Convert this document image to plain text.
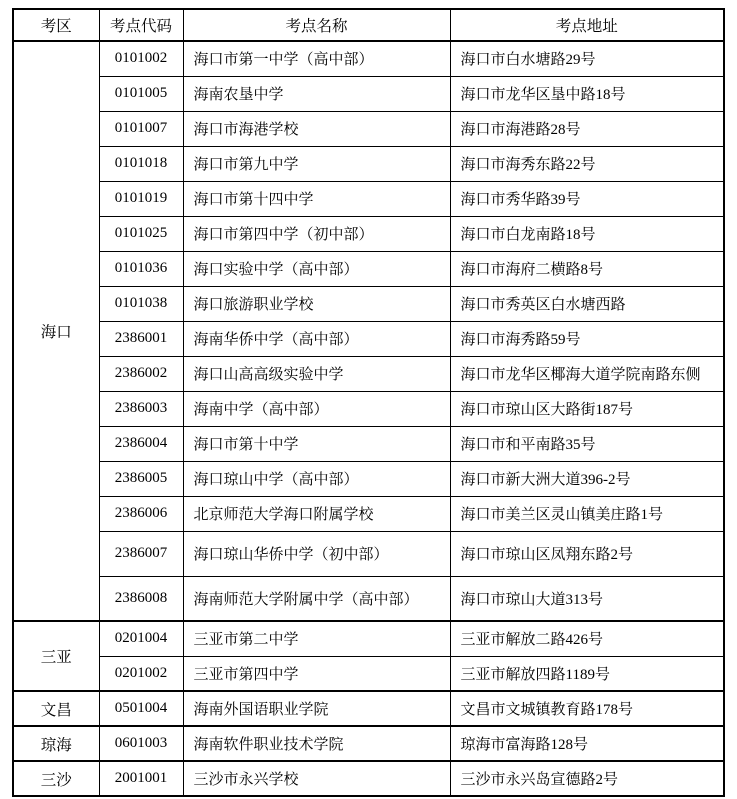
考区	考点代码	考点名称	考点地址
海口	0101002	海口市第一中学（高中部）	海口市白水塘路29号
	0101005	海南农垦中学	海口市龙华区垦中路18号
	0101007	海口市海港学校	海口市海港路28号
	0101018	海口市第九中学	海口市海秀东路22号
	0101019	海口市第十四中学	海口市秀华路39号
	0101025	海口市第四中学（初中部）	海口市白龙南路18号
	0101036	海口实验中学（高中部）	海口市海府二横路8号
	0101038	海口旅游职业学校	海口市秀英区白水塘西路
	2386001	海南华侨中学（高中部）	海口市海秀路59号
	2386002	海口山高高级实验中学	海口市龙华区椰海大道学院南路东侧
	2386003	海南中学（高中部）	海口市琼山区大路街187号
	2386004	海口市第十中学	海口市和平南路35号
	2386005	海口琼山中学（高中部）	海口市新大洲大道396-2号
	2386006	北京师范大学海口附属学校	海口市美兰区灵山镇美庄路1号
	2386007	海口琼山华侨中学（初中部）	海口市琼山区凤翔东路2号
	2386008	海南师范大学附属中学（高中部）	海口市琼山大道313号
三亚	0201004	三亚市第二中学	三亚市解放二路426号
	0201002	三亚市第四中学	三亚市解放四路1189号
文昌	0501004	海南外国语职业学院	文昌市文城镇教育路178号
琼海	0601003	海南软件职业技术学院	琼海市富海路128号
三沙	2001001	三沙市永兴学校	三沙市永兴岛宣德路2号
